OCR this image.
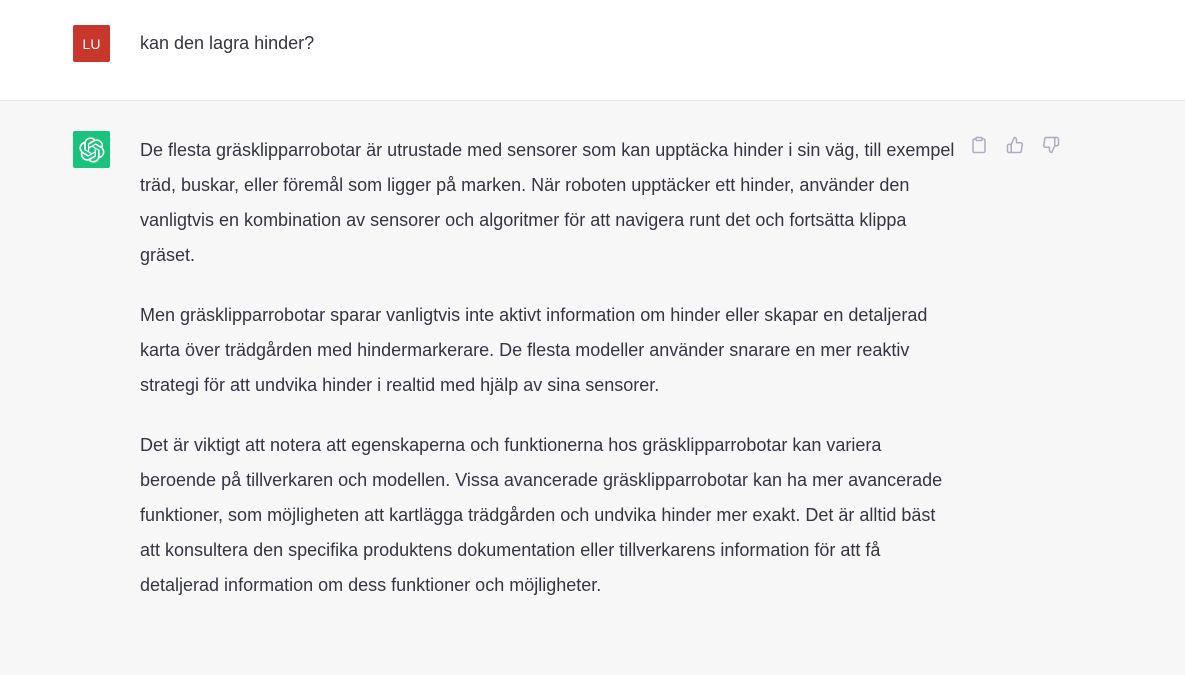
LU kan den lagra hinder?

De flesta gräsklipparrobotar är utrustade med sensorer som kan upptäcka hinder i sin väg, till exempel träd, buskar, eller föremål som ligger på marken. När roboten upptäcker ett hinder, använder den vanligtvis en kombination av sensorer och algoritmer för att navigera runt det och fortsätta klippa gräset.

Men gräsklipparrobotar sparar vanligtvis inte aktivt information om hinder eller skapar en detaljerad karta över trädgården med hindermarkerare. De flesta modeller använder snarare en mer reaktiv strategi för att undvika hinder i realtid med hjälp av sina sensorer.

Det är viktigt att notera att egenskaperna och funktionerna hos gräsklipparrobotar kan variera beroende på tillverkaren och modellen. Vissa avancerade gräsklipparrobotar kan ha mer avancerade funktioner, som möjligheten att kartlägga trädgården och undvika hinder mer exakt. Det är alltid bäst att konsultera den specifika produktens dokumentation eller tillverkarens information för att få detaljerad information om dess funktioner och möjligheter.
